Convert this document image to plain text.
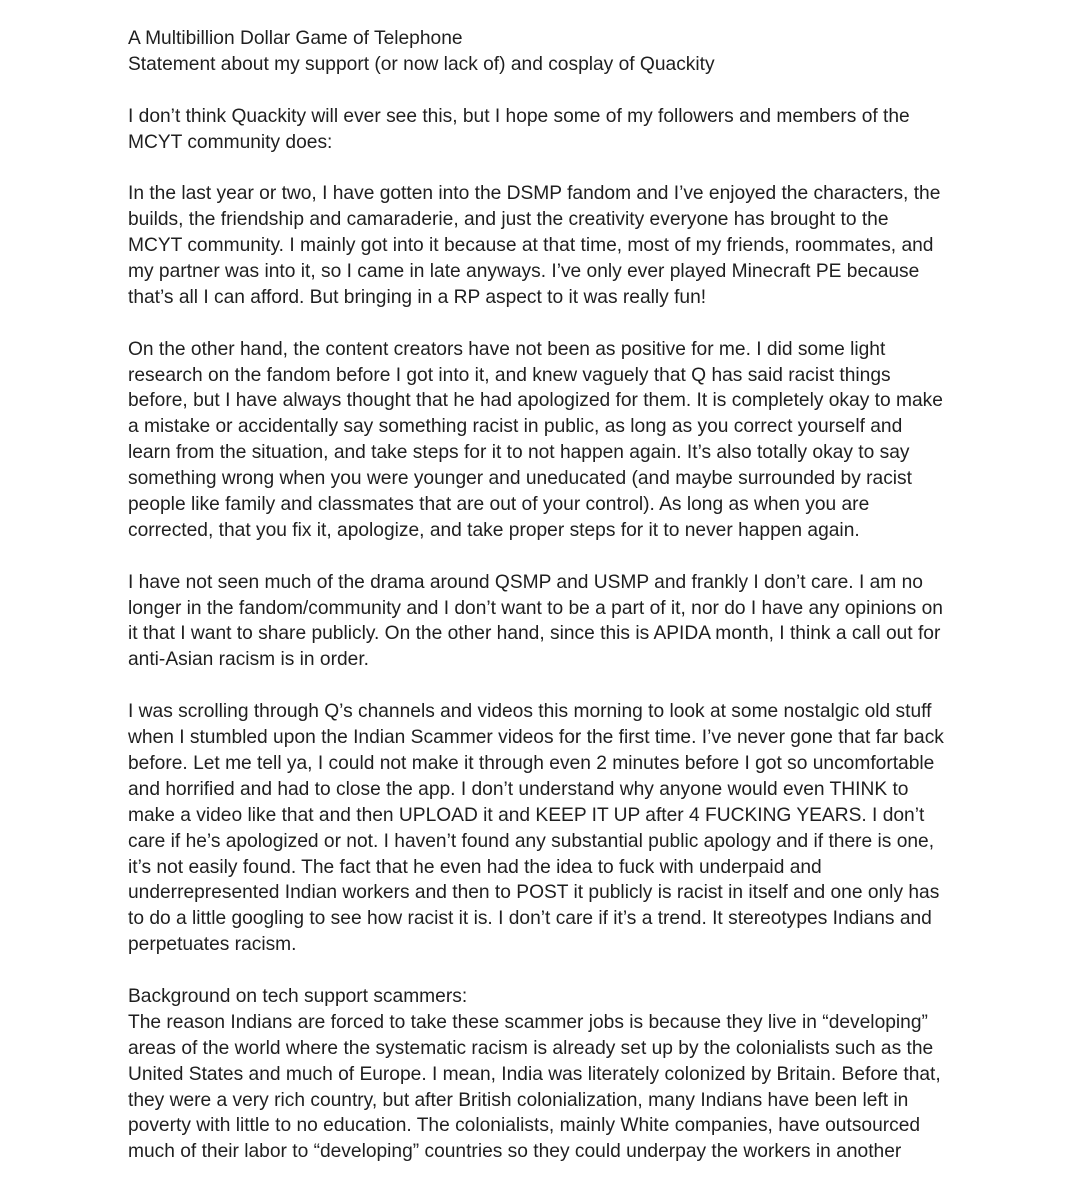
A Multibillion Dollar Game of Telephone
Statement about my support (or now lack of) and cosplay of Quackity
I don’t think Quackity will ever see this, but I hope some of my followers and members of the
MCYT community does:
In the last year or two, I have gotten into the DSMP fandom and I’ve enjoyed the characters, the
builds, the friendship and camaraderie, and just the creativity everyone has brought to the
MCYT community. I mainly got into it because at that time, most of my friends, roommates, and
my partner was into it, so I came in late anyways. I’ve only ever played Minecraft PE because
that’s all I can afford. But bringing in a RP aspect to it was really fun!
On the other hand, the content creators have not been as positive for me. I did some light
research on the fandom before I got into it, and knew vaguely that Q has said racist things
before, but I have always thought that he had apologized for them. It is completely okay to make
a mistake or accidentally say something racist in public, as long as you correct yourself and
learn from the situation, and take steps for it to not happen again. It’s also totally okay to say
something wrong when you were younger and uneducated (and maybe surrounded by racist
people like family and classmates that are out of your control). As long as when you are
corrected, that you fix it, apologize, and take proper steps for it to never happen again.
I have not seen much of the drama around QSMP and USMP and frankly I don’t care. I am no
longer in the fandom/community and I don’t want to be a part of it, nor do I have any opinions on
it that I want to share publicly. On the other hand, since this is APIDA month, I think a call out for
anti-Asian racism is in order.
I was scrolling through Q’s channels and videos this morning to look at some nostalgic old stuff
when I stumbled upon the Indian Scammer videos for the first time. I’ve never gone that far back
before. Let me tell ya, I could not make it through even 2 minutes before I got so uncomfortable
and horrified and had to close the app. I don’t understand why anyone would even THINK to
make a video like that and then UPLOAD it and KEEP IT UP after 4 FUCKING YEARS. I don’t
care if he’s apologized or not. I haven’t found any substantial public apology and if there is one,
it’s not easily found. The fact that he even had the idea to fuck with underpaid and
underrepresented Indian workers and then to POST it publicly is racist in itself and one only has
to do a little googling to see how racist it is. I don’t care if it’s a trend. It stereotypes Indians and
perpetuates racism.
Background on tech support scammers:
The reason Indians are forced to take these scammer jobs is because they live in “developing”
areas of the world where the systematic racism is already set up by the colonialists such as the
United States and much of Europe. I mean, India was literately colonized by Britain. Before that,
they were a very rich country, but after British colonialization, many Indians have been left in
poverty with little to no education. The colonialists, mainly White companies, have outsourced
much of their labor to “developing” countries so they could underpay the workers in another
